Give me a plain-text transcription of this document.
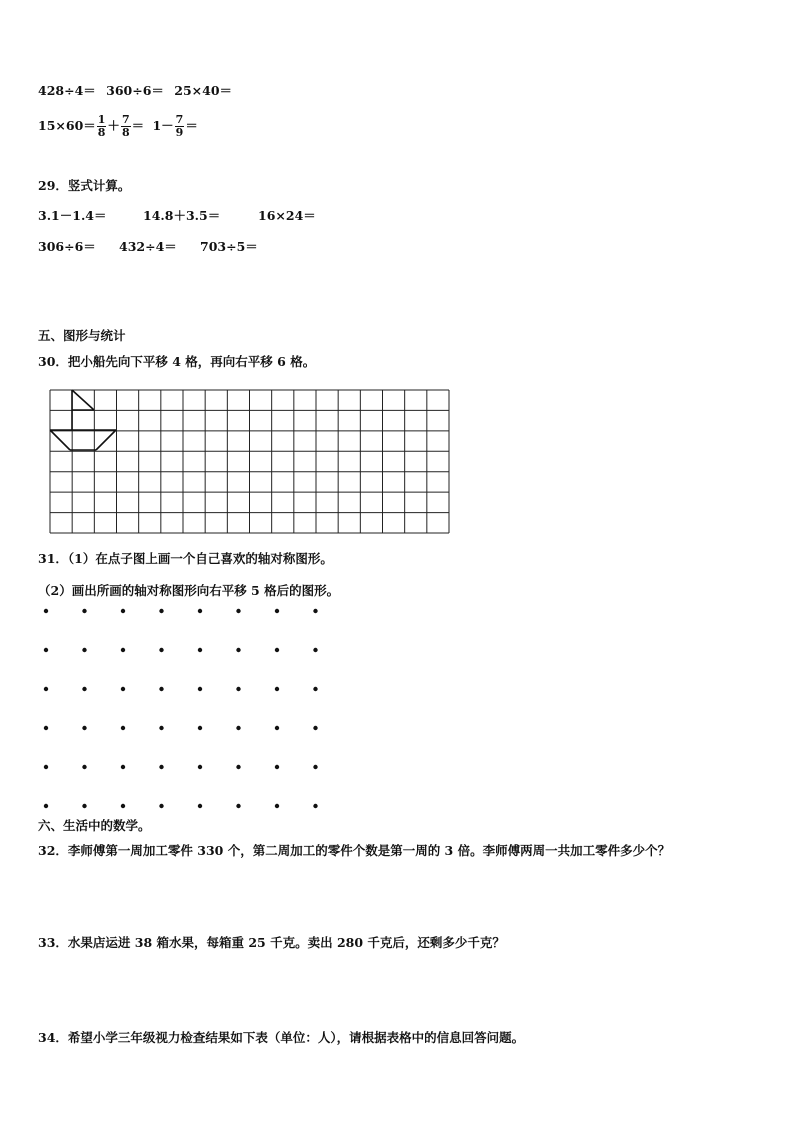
428÷4＝ 360÷6＝ 25×40＝
$15\times 60= \frac{1}{8} + \frac{7}{8} = 1- \frac{7}{9}$ ＝
29．竖式计算。
3.1－1.4＝	14.8＋3.5＝	16×24＝
306÷6＝ 432÷4＝ 703÷5＝
五、图形与统计
30．把小船先向下平移 4 格，再向右平移 6 格。
31．（1）在点子图上画一个自己喜欢的轴对称图形。
（2）画出所画的轴对称图形向右平移 5 格后的图形。
六、生活中的数学。
32．李师傅第一周加工零件 330 个，第二周加工的零件个数是第一周的 3 倍。李师傅两周一共加工零件多少个？
33．水果店运进 38 箱水果，每箱重 25 千克。卖出 280 千克后，还剩多少千克？
34．希望小学三年级视力检查结果如下表（单位：人），请根据表格中的信息回答问题。
